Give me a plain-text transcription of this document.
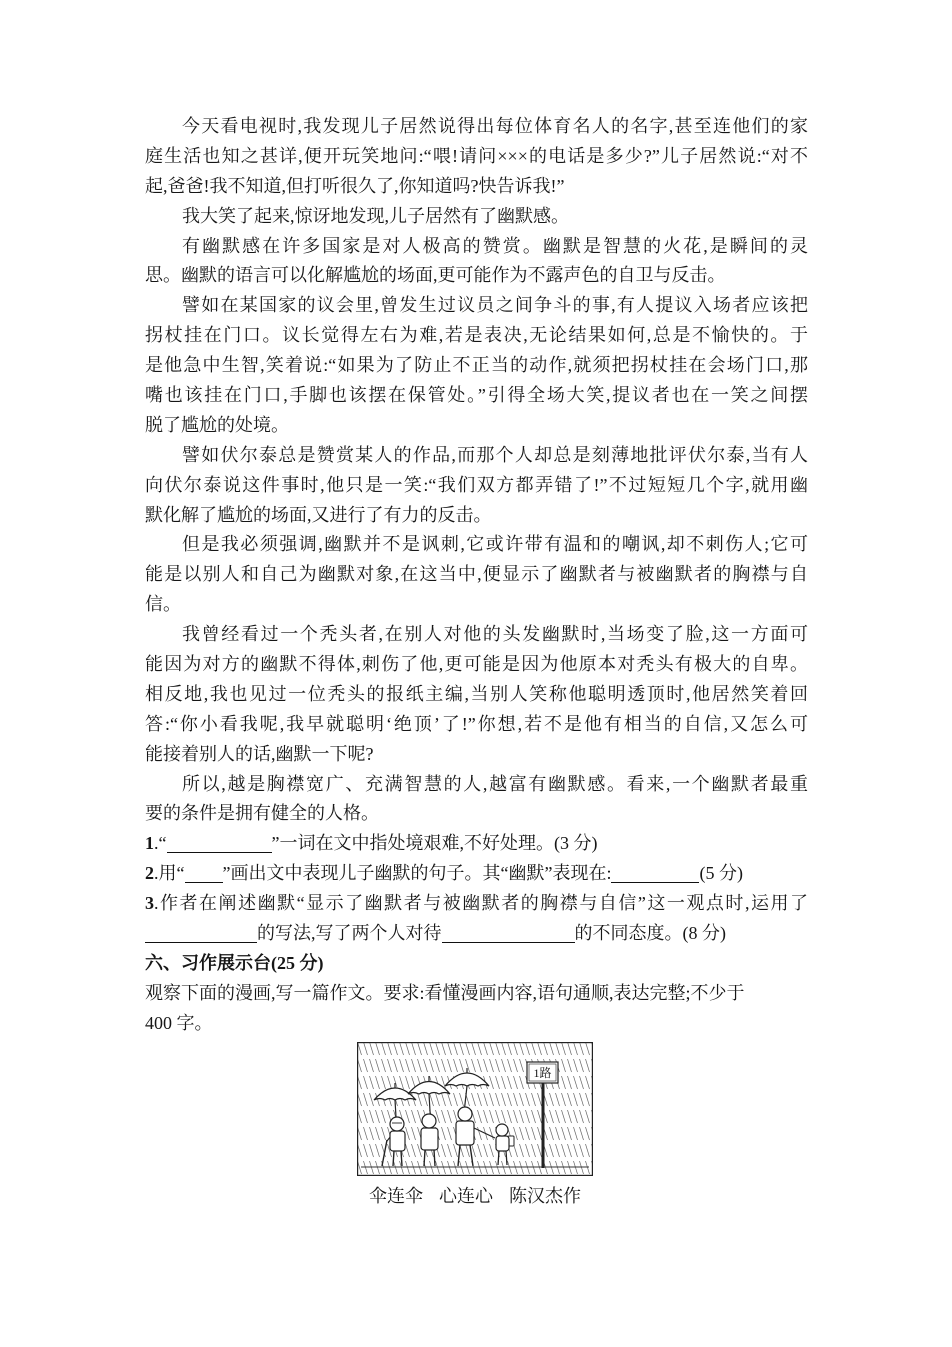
今天看电视时,我发现儿子居然说得出每位体育名人的名字,甚至连他们的家
庭生活也知之甚详,便开玩笑地问:“喂!请问×××的电话是多少?”儿子居然说:“对不
起,爸爸!我不知道,但打听很久了,你知道吗?快告诉我!”
我大笑了起来,惊讶地发现,儿子居然有了幽默感。
有幽默感在许多国家是对人极高的赞赏。幽默是智慧的火花,是瞬间的灵
思。幽默的语言可以化解尴尬的场面,更可能作为不露声色的自卫与反击。
譬如在某国家的议会里,曾发生过议员之间争斗的事,有人提议入场者应该把
拐杖挂在门口。议长觉得左右为难,若是表决,无论结果如何,总是不愉快的。于
是他急中生智,笑着说:“如果为了防止不正当的动作,就须把拐杖挂在会场门口,那
嘴也该挂在门口,手脚也该摆在保管处。”引得全场大笑,提议者也在一笑之间摆
脱了尴尬的处境。
譬如伏尔泰总是赞赏某人的作品,而那个人却总是刻薄地批评伏尔泰,当有人
向伏尔泰说这件事时,他只是一笑:“我们双方都弄错了!”不过短短几个字,就用幽
默化解了尴尬的场面,又进行了有力的反击。
但是我必须强调,幽默并不是讽刺,它或许带有温和的嘲讽,却不刺伤人;它可
能是以别人和自己为幽默对象,在这当中,便显示了幽默者与被幽默者的胸襟与自
信。
我曾经看过一个秃头者,在别人对他的头发幽默时,当场变了脸,这一方面可
能因为对方的幽默不得体,刺伤了他,更可能是因为他原本对秃头有极大的自卑。
相反地,我也见过一位秃头的报纸主编,当别人笑称他聪明透顶时,他居然笑着回
答:“你小看我呢,我早就聪明‘绝顶’了!”你想,若不是他有相当的自信,又怎么可
能接着别人的话,幽默一下呢?
所以,越是胸襟宽广、充满智慧的人,越富有幽默感。看来,一个幽默者最重
要的条件是拥有健全的人格。
1.“	”一词在文中指处境艰难,不好处理。(3 分)
2.用“ ”画出文中表现儿子幽默的句子。其“幽默”表现在:	(5 分)
3.作者在阐述幽默“显示了幽默者与被幽默者的胸襟与自信”这一观点时,运用了
的写法,写了两个人对待	的不同态度。(8 分)
六、习作展示台(25 分)
观察下面的漫画,写一篇作文。要求:看懂漫画内容,语句通顺,表达完整;不少于
400 字。
1路
伞连伞 心连心 陈汉杰作
